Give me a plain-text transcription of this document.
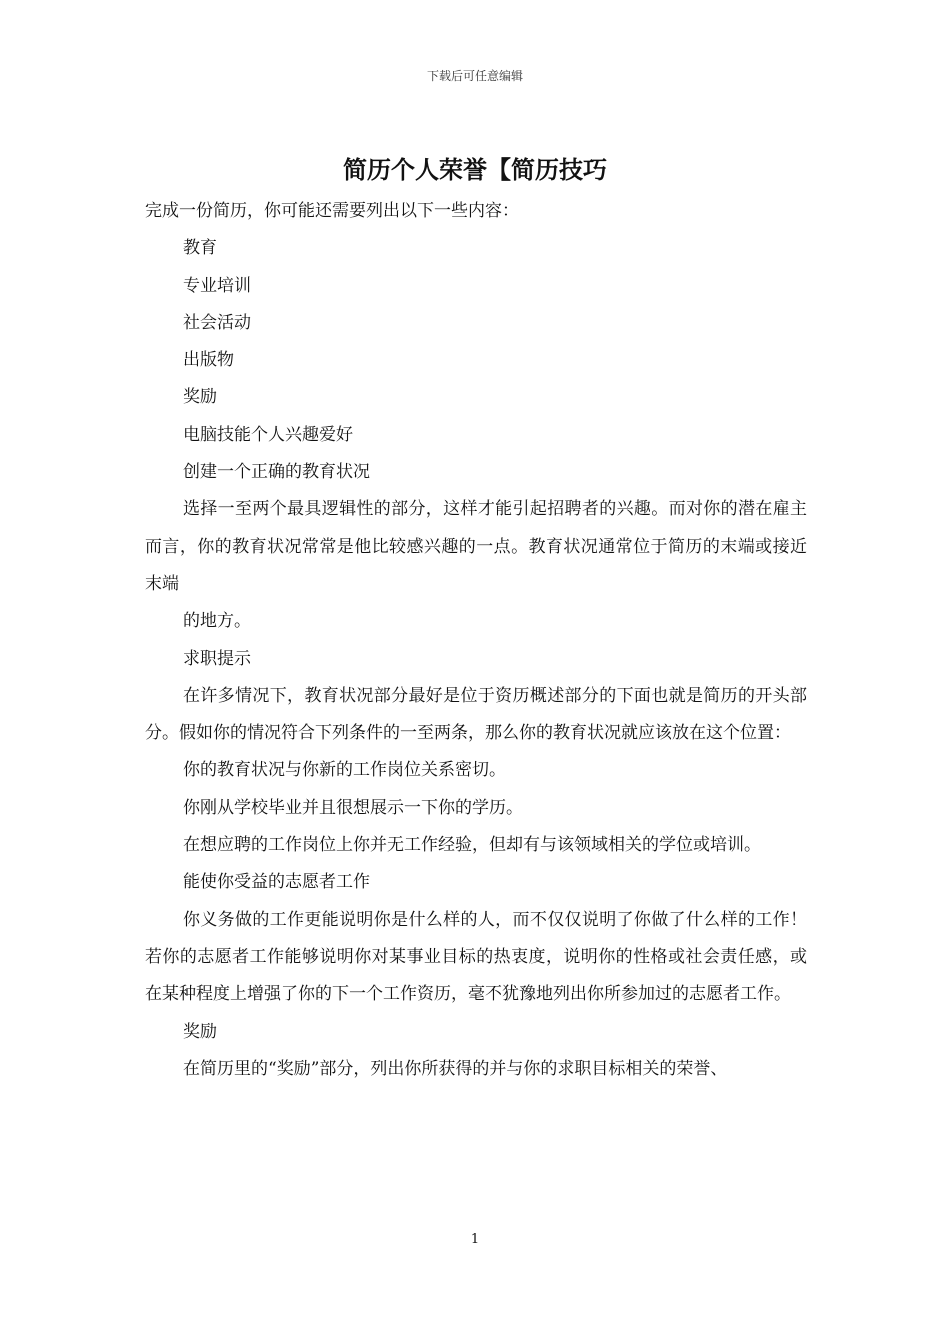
下载后可任意编辑
简历个人荣誉【简历技巧

完成一份简历，你可能还需要列出以下一些内容：

教育

专业培训

社会活动

出版物

奖励

电脑技能个人兴趣爱好

创建一个正确的教育状况

选择一至两个最具逻辑性的部分，这样才能引起招聘者的兴趣。而对你的潜在雇主而言，你的教育状况常常是他比较感兴趣的一点。教育状况通常位于简历的末端或接近末端

的地方。

求职提示

在许多情况下，教育状况部分最好是位于资历概述部分的下面也就是简历的开头部分。假如你的情况符合下列条件的一至两条，那么你的教育状况就应该放在这个位置：

你的教育状况与你新的工作岗位关系密切。

你刚从学校毕业并且很想展示一下你的学历。

在想应聘的工作岗位上你并无工作经验，但却有与该领域相关的学位或培训。

能使你受益的志愿者工作

你义务做的工作更能说明你是什么样的人，而不仅仅说明了你做了什么样的工作！若你的志愿者工作能够说明你对某事业目标的热衷度，说明你的性格或社会责任感，或在某种程度上增强了你的下一个工作资历，毫不犹豫地列出你所参加过的志愿者工作。

奖励

在简历里的“奖励”部分，列出你所获得的并与你的求职目标相关的荣誉、

1
